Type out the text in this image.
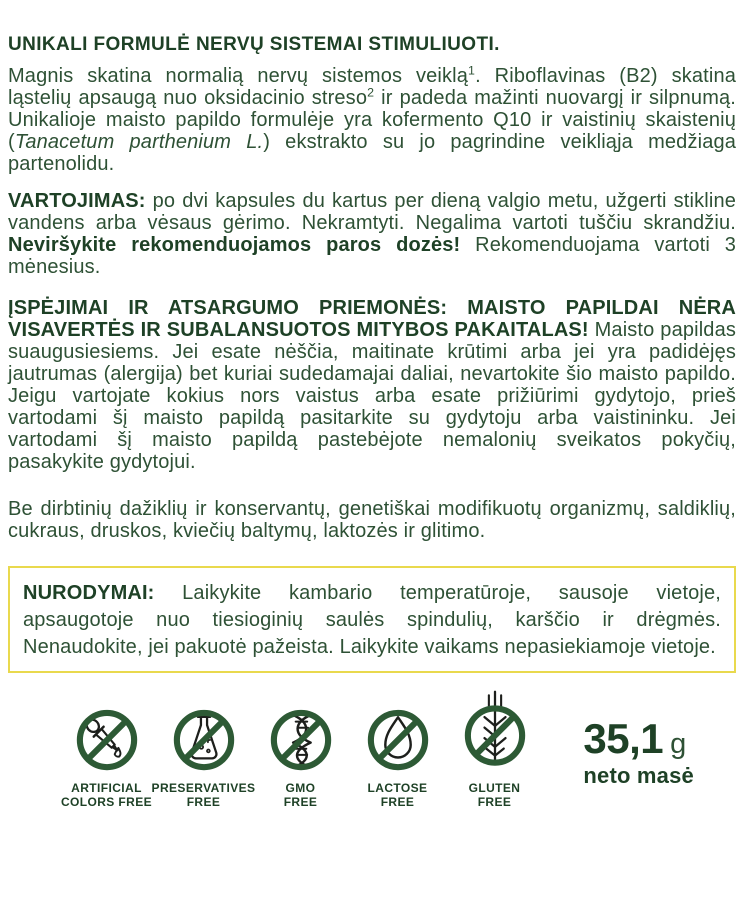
UNIKALI FORMULĖ NERVŲ SISTEMAI STIMULIUOTI.

Magnis skatina normalią nervų sistemos veiklą$^1$. Riboflavinas (B2) skatina ląstelių apsaugą nuo oksidacinio streso$^2$ ir padeda mažinti nuovargį ir silpnumą. Unikalioje maisto papildo formulėje yra kofermento Q10 ir vaistinių skaistenių (Tanacetum parthenium L.) ekstrakto su jo pagrindine veikliąja medžiaga partenolidu.

VARTOJIMAS: po dvi kapsules du kartus per dieną valgio metu, užgerti stikline vandens arba vėsaus gėrimo. Nekramtyti. Negalima vartoti tuščiu skrandžiu. Neviršykite rekomenduojamos paros dozės! Rekomenduojama vartoti 3 mėnesius.

ĮSPĖJIMAI IR ATSARGUMO PRIEMONĖS: MAISTO PAPILDAI NĖRA VISAVERTĖS IR SUBALANSUOTOS MITYBOS PAKAITALAS! Maisto papildas suaugusiesiems. Jei esate nėščia, maitinate krūtimi arba jei yra padidėjęs jautrumas (alergija) bet kuriai sudedamajai daliai, nevartokite šio maisto papildo. Jeigu vartojate kokius nors vaistus arba esate prižiūrimi gydytojo, prieš vartodami šį maisto papildą pasitarkite su gydytoju arba vaistininku. Jei vartodami šį maisto papildą pastebėjote nemalonių sveikatos pokyčių, pasakykite gydytojui.

Be dirbtinių dažiklių ir konservantų, genetiškai modifikuotų organizmų, saldiklių, cukraus, druskos, kviečių baltymų, laktozės ir glitimo.

NURODYMAI: Laikykite kambario temperatūroje, sausoje vietoje, apsaugotoje nuo tiesioginių saulės spindulių, karščio ir drėgmės. Nenaudokite, jei pakuotė pažeista. Laikykite vaikams nepasiekiamoje vietoje.

ARTIFICIAL
COLORS FREE
PRESERVATIVES
FREE
GMO
FREE
LACTOSE
FREE
GLUTEN
FREE
35,1 g
neto masė
